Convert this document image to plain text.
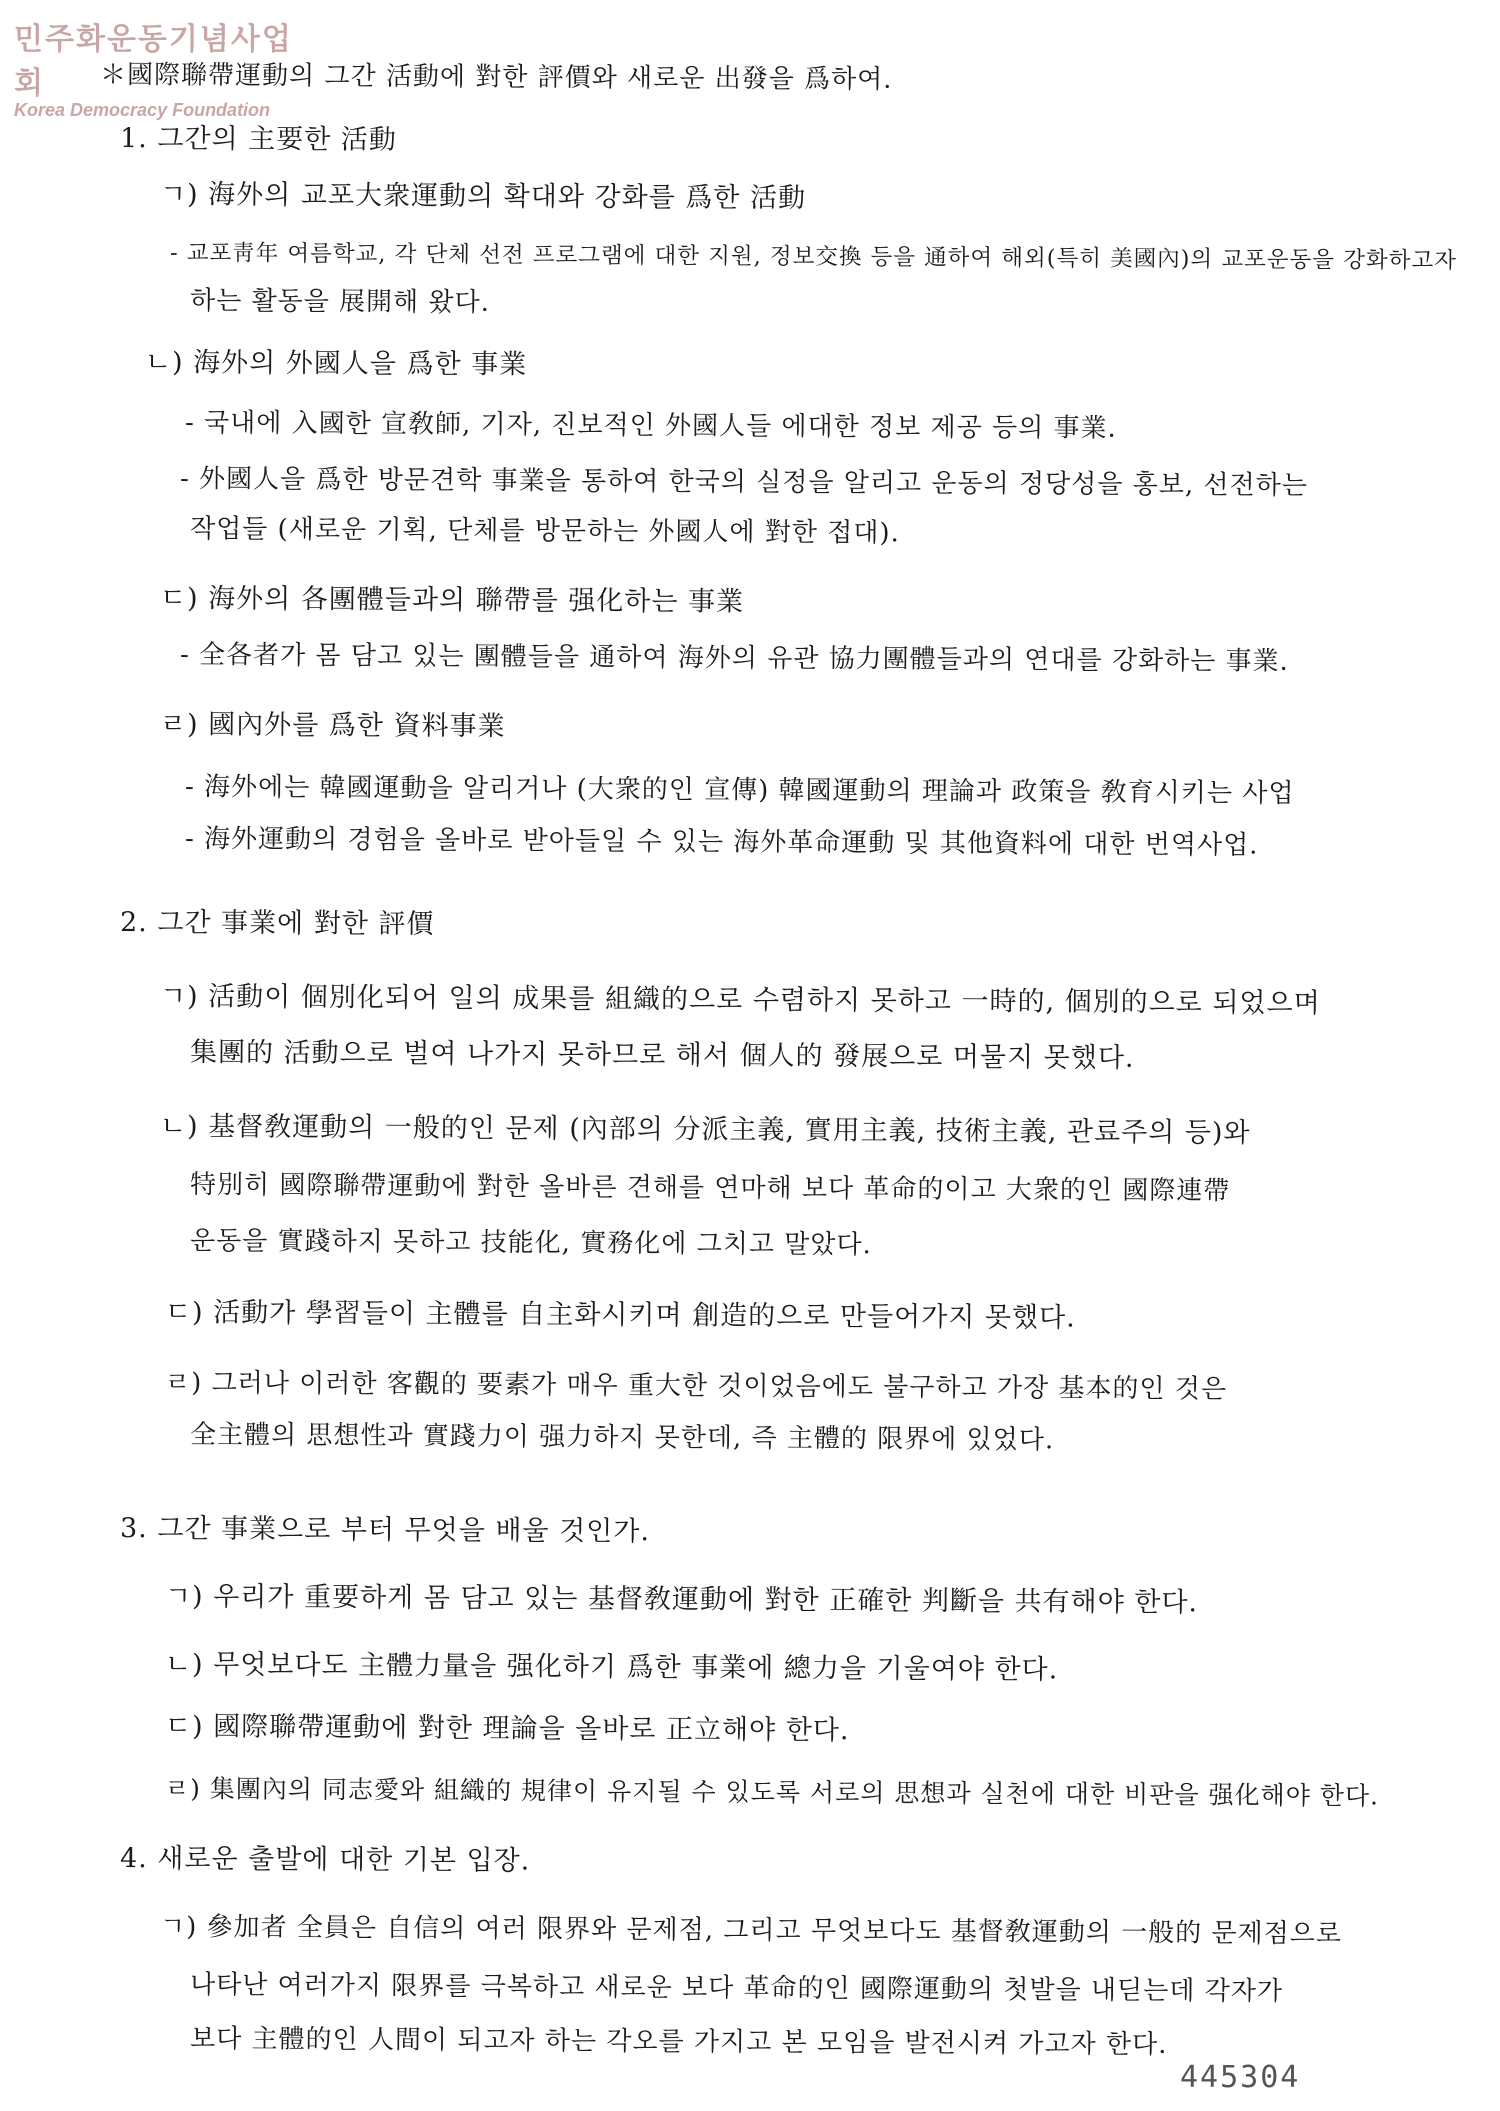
민주화운동기념사업회
Korea Democracy Foundation
＊國際聯帶運動의 그간 活動에 對한 評價와 새로운 出發을 爲하여.
1. 그간의 主要한 活動
ㄱ) 海外의 교포大衆運動의 확대와 강화를 爲한 活動
- 교포靑年 여름학교, 각 단체 선전 프로그램에 대한 지원, 정보交換 등을 通하여 해외(특히 美國內)의 교포운동을 강화하고자
하는 활동을 展開해 왔다.
ㄴ) 海外의 外國人을 爲한 事業
- 국내에 入國한 宣敎師, 기자, 진보적인 外國人들 에대한 정보 제공 등의 事業.
- 外國人을 爲한 방문견학 事業을 통하여 한국의 실정을 알리고 운동의 정당성을 홍보, 선전하는
작업들 (새로운 기획, 단체를 방문하는 外國人에 對한 접대).
ㄷ) 海外의 各團體들과의 聯帶를 强化하는 事業
- 全各者가 몸 담고 있는 團體들을 通하여 海外의 유관 協力團體들과의 연대를 강화하는 事業.
ㄹ) 國內外를 爲한 資料事業
- 海外에는 韓國運動을 알리거나 (大衆的인 宣傳) 韓國運動의 理論과 政策을 敎育시키는 사업
- 海外運動의 경험을 올바로 받아들일 수 있는 海外革命運動 및 其他資料에 대한 번역사업.
2. 그간 事業에 對한 評價
ㄱ) 活動이 個別化되어 일의 成果를 組織的으로 수렴하지 못하고 一時的, 個別的으로 되었으며
集團的 活動으로 벌여 나가지 못하므로 해서 個人的 發展으로 머물지 못했다.
ㄴ) 基督敎運動의 一般的인 문제 (內部의 分派主義, 實用主義, 技術主義, 관료주의 등)와
特別히 國際聯帶運動에 對한 올바른 견해를 연마해 보다 革命的이고 大衆的인 國際連帶
운동을 實踐하지 못하고 技能化, 實務化에 그치고 말았다.
ㄷ) 活動가 學習들이 主體를 自主화시키며 創造的으로 만들어가지 못했다.
ㄹ) 그러나 이러한 客觀的 要素가 매우 重大한 것이었음에도 불구하고 가장 基本的인 것은
全主體의 思想性과 實踐力이 强力하지 못한데, 즉 主體的 限界에 있었다.
3. 그간 事業으로 부터 무엇을 배울 것인가.
ㄱ) 우리가 重要하게 몸 담고 있는 基督敎運動에 對한 正確한 判斷을 共有해야 한다.
ㄴ) 무엇보다도 主體力量을 强化하기 爲한 事業에 總力을 기울여야 한다.
ㄷ) 國際聯帶運動에 對한 理論을 올바로 正立해야 한다.
ㄹ) 集團內의 同志愛와 組織的 規律이 유지될 수 있도록 서로의 思想과 실천에 대한 비판을 强化해야 한다.
4. 새로운 출발에 대한 기본 입장.
ㄱ) 參加者 全員은 自信의 여러 限界와 문제점, 그리고 무엇보다도 基督敎運動의 一般的 문제점으로
나타난 여러가지 限界를 극복하고 새로운 보다 革命的인 國際運動의 첫발을 내딛는데 각자가
보다 主體的인 人間이 되고자 하는 각오를 가지고 본 모임을 발전시켜 가고자 한다.
445304
